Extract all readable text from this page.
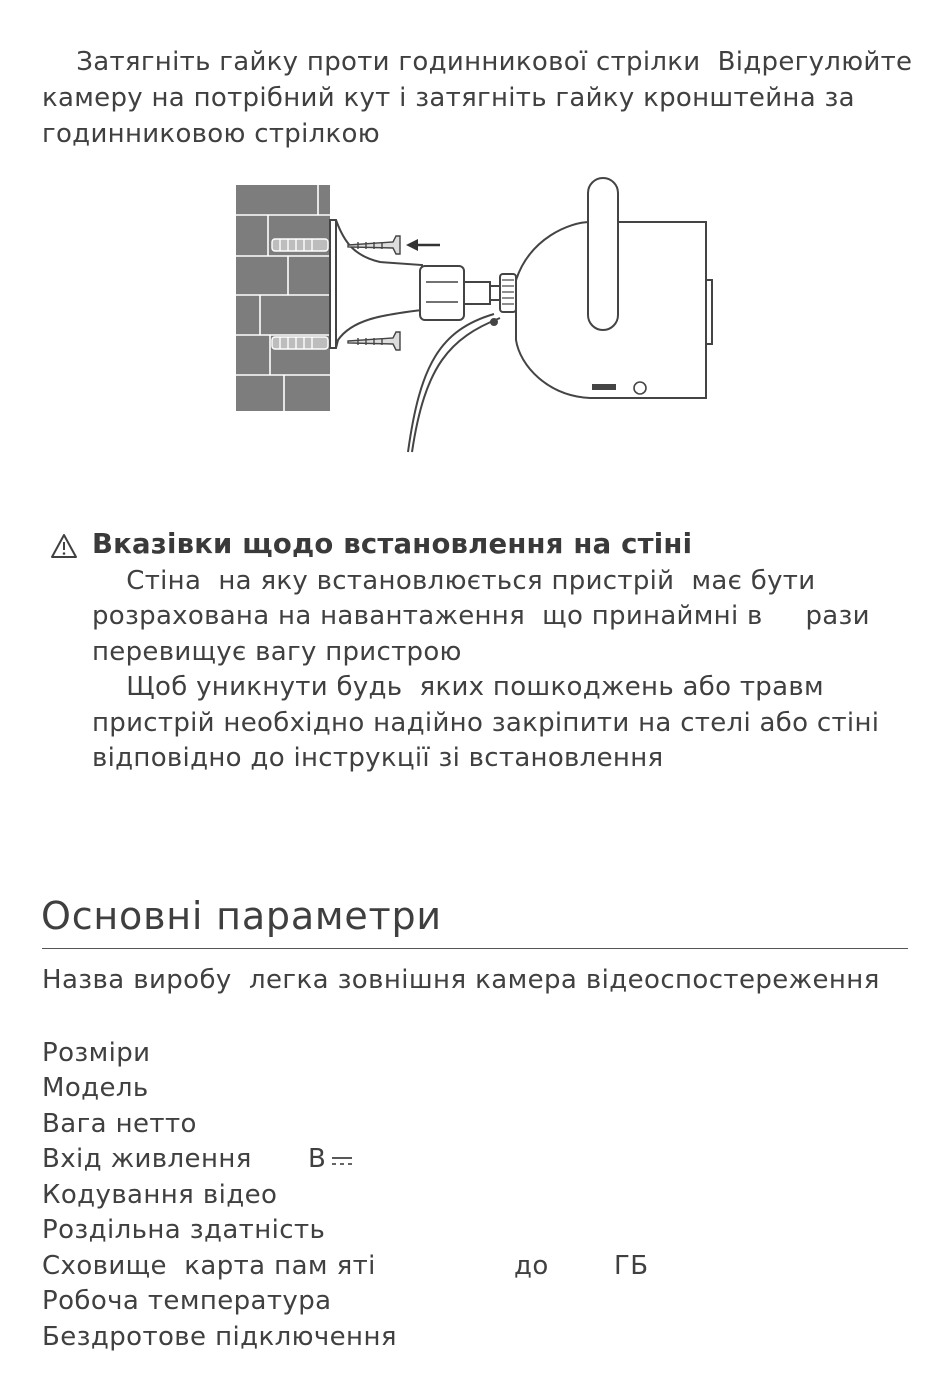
Затягніть гайку проти годинникової стрілки  Відрегулюйте
камеру на потрібний кут і затягніть гайку кронштейна за
годинниковою стрілкою
Вказівки щодо встановлення на стіні
Стіна  на яку встановлюється пристрій  має бути
розрахована на навантаження  що принаймні в     рази
перевищує вагу пристрою
Щоб уникнути будь  яких пошкоджень або травм
пристрій необхідно надійно закріпити на стелі або стіні
відповідно до інструкції зі встановлення
Основні параметри
Назва виробу  легка зовнішня камера відеоспостереження
Розміри
Модель
Вага нетто
Вхід живлення В
Кодування відео
Роздільна здатність
Сховище  карта пам яті	до	ГБ
Робоча температура
Бездротове підключення
